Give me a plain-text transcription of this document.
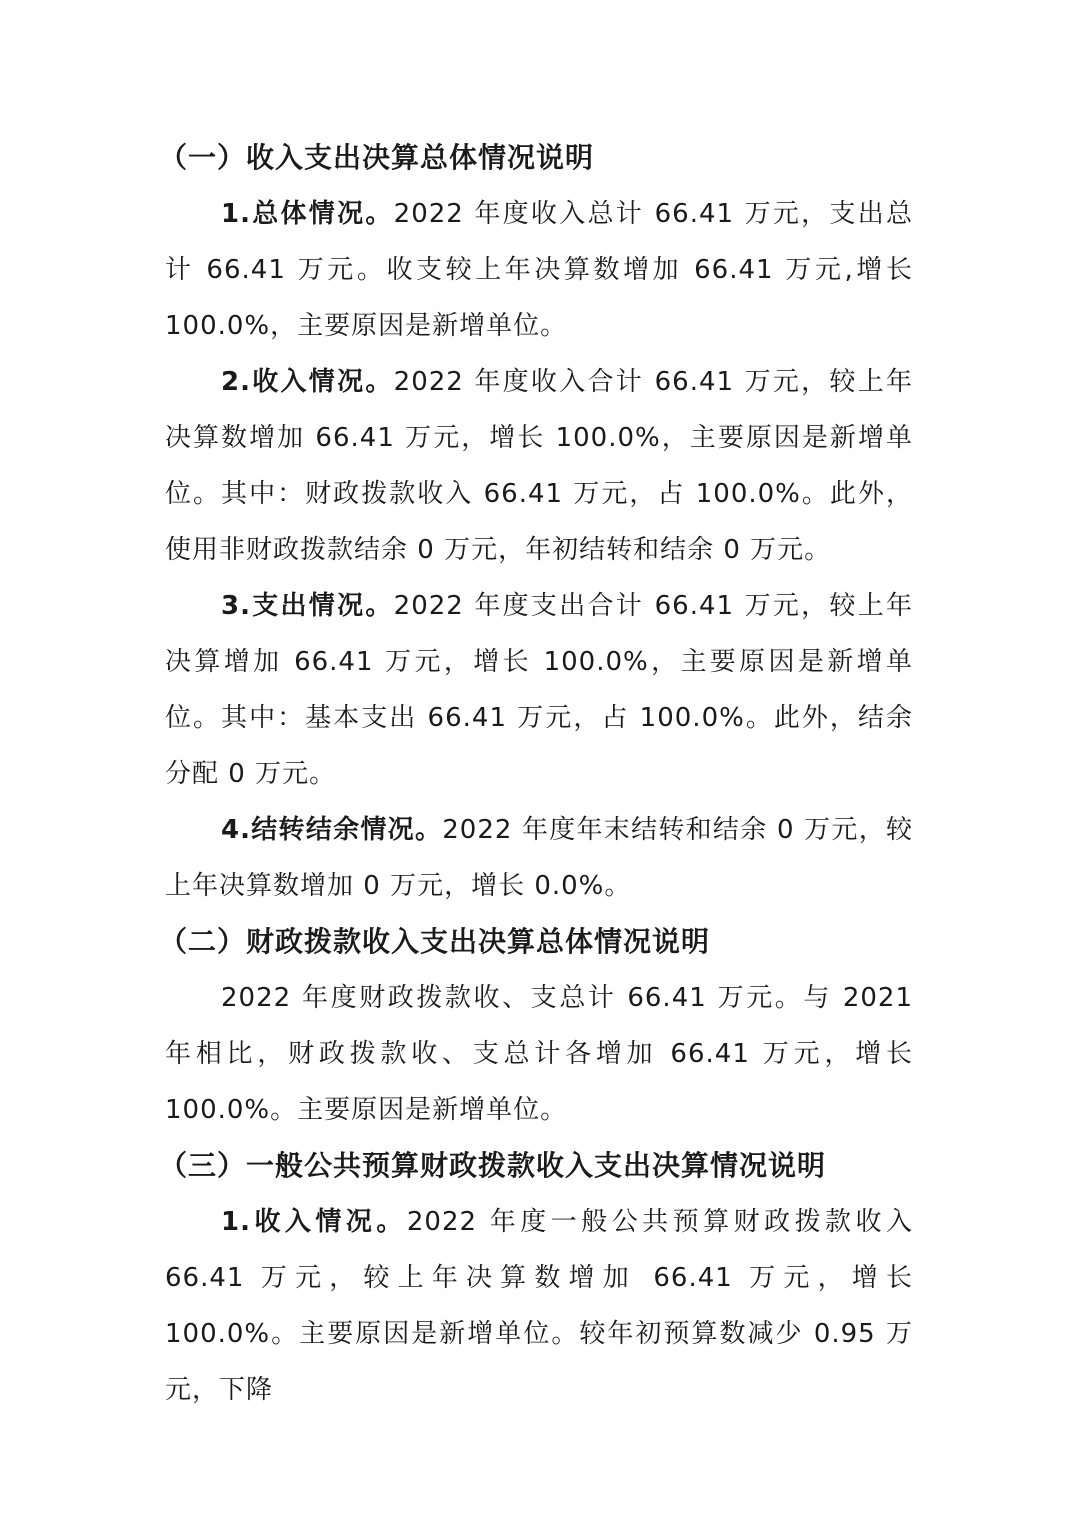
（一）收入支出决算总体情况说明

1.总体情况。2022 年度收入总计 66.41 万元，支出总计 66.41 万元。收支较上年决算数增加 66.41 万元,增长 100.0%，主要原因是新增单位。

2.收入情况。2022 年度收入合计 66.41 万元，较上年决算数增加 66.41 万元，增长 100.0%，主要原因是新增单位。其中：财政拨款收入 66.41 万元，占 100.0%。此外，使用非财政拨款结余 0 万元，年初结转和结余 0 万元。

3.支出情况。2022 年度支出合计 66.41 万元，较上年决算增加 66.41 万元，增长 100.0%，主要原因是新增单位。其中：基本支出 66.41 万元，占 100.0%。此外，结余分配 0 万元。

4.结转结余情况。2022 年度年末结转和结余 0 万元，较上年决算数增加 0 万元，增长 0.0%。

（二）财政拨款收入支出决算总体情况说明

2022 年度财政拨款收、支总计 66.41 万元。与 2021 年相比，财政拨款收、支总计各增加 66.41 万元，增长 100.0%。主要原因是新增单位。

（三）一般公共预算财政拨款收入支出决算情况说明

1.收入情况。2022 年度一般公共预算财政拨款收入 66.41 万元，较上年决算数增加 66.41 万元，增长 100.0%。主要原因是新增单位。较年初预算数减少 0.95 万元，下降
